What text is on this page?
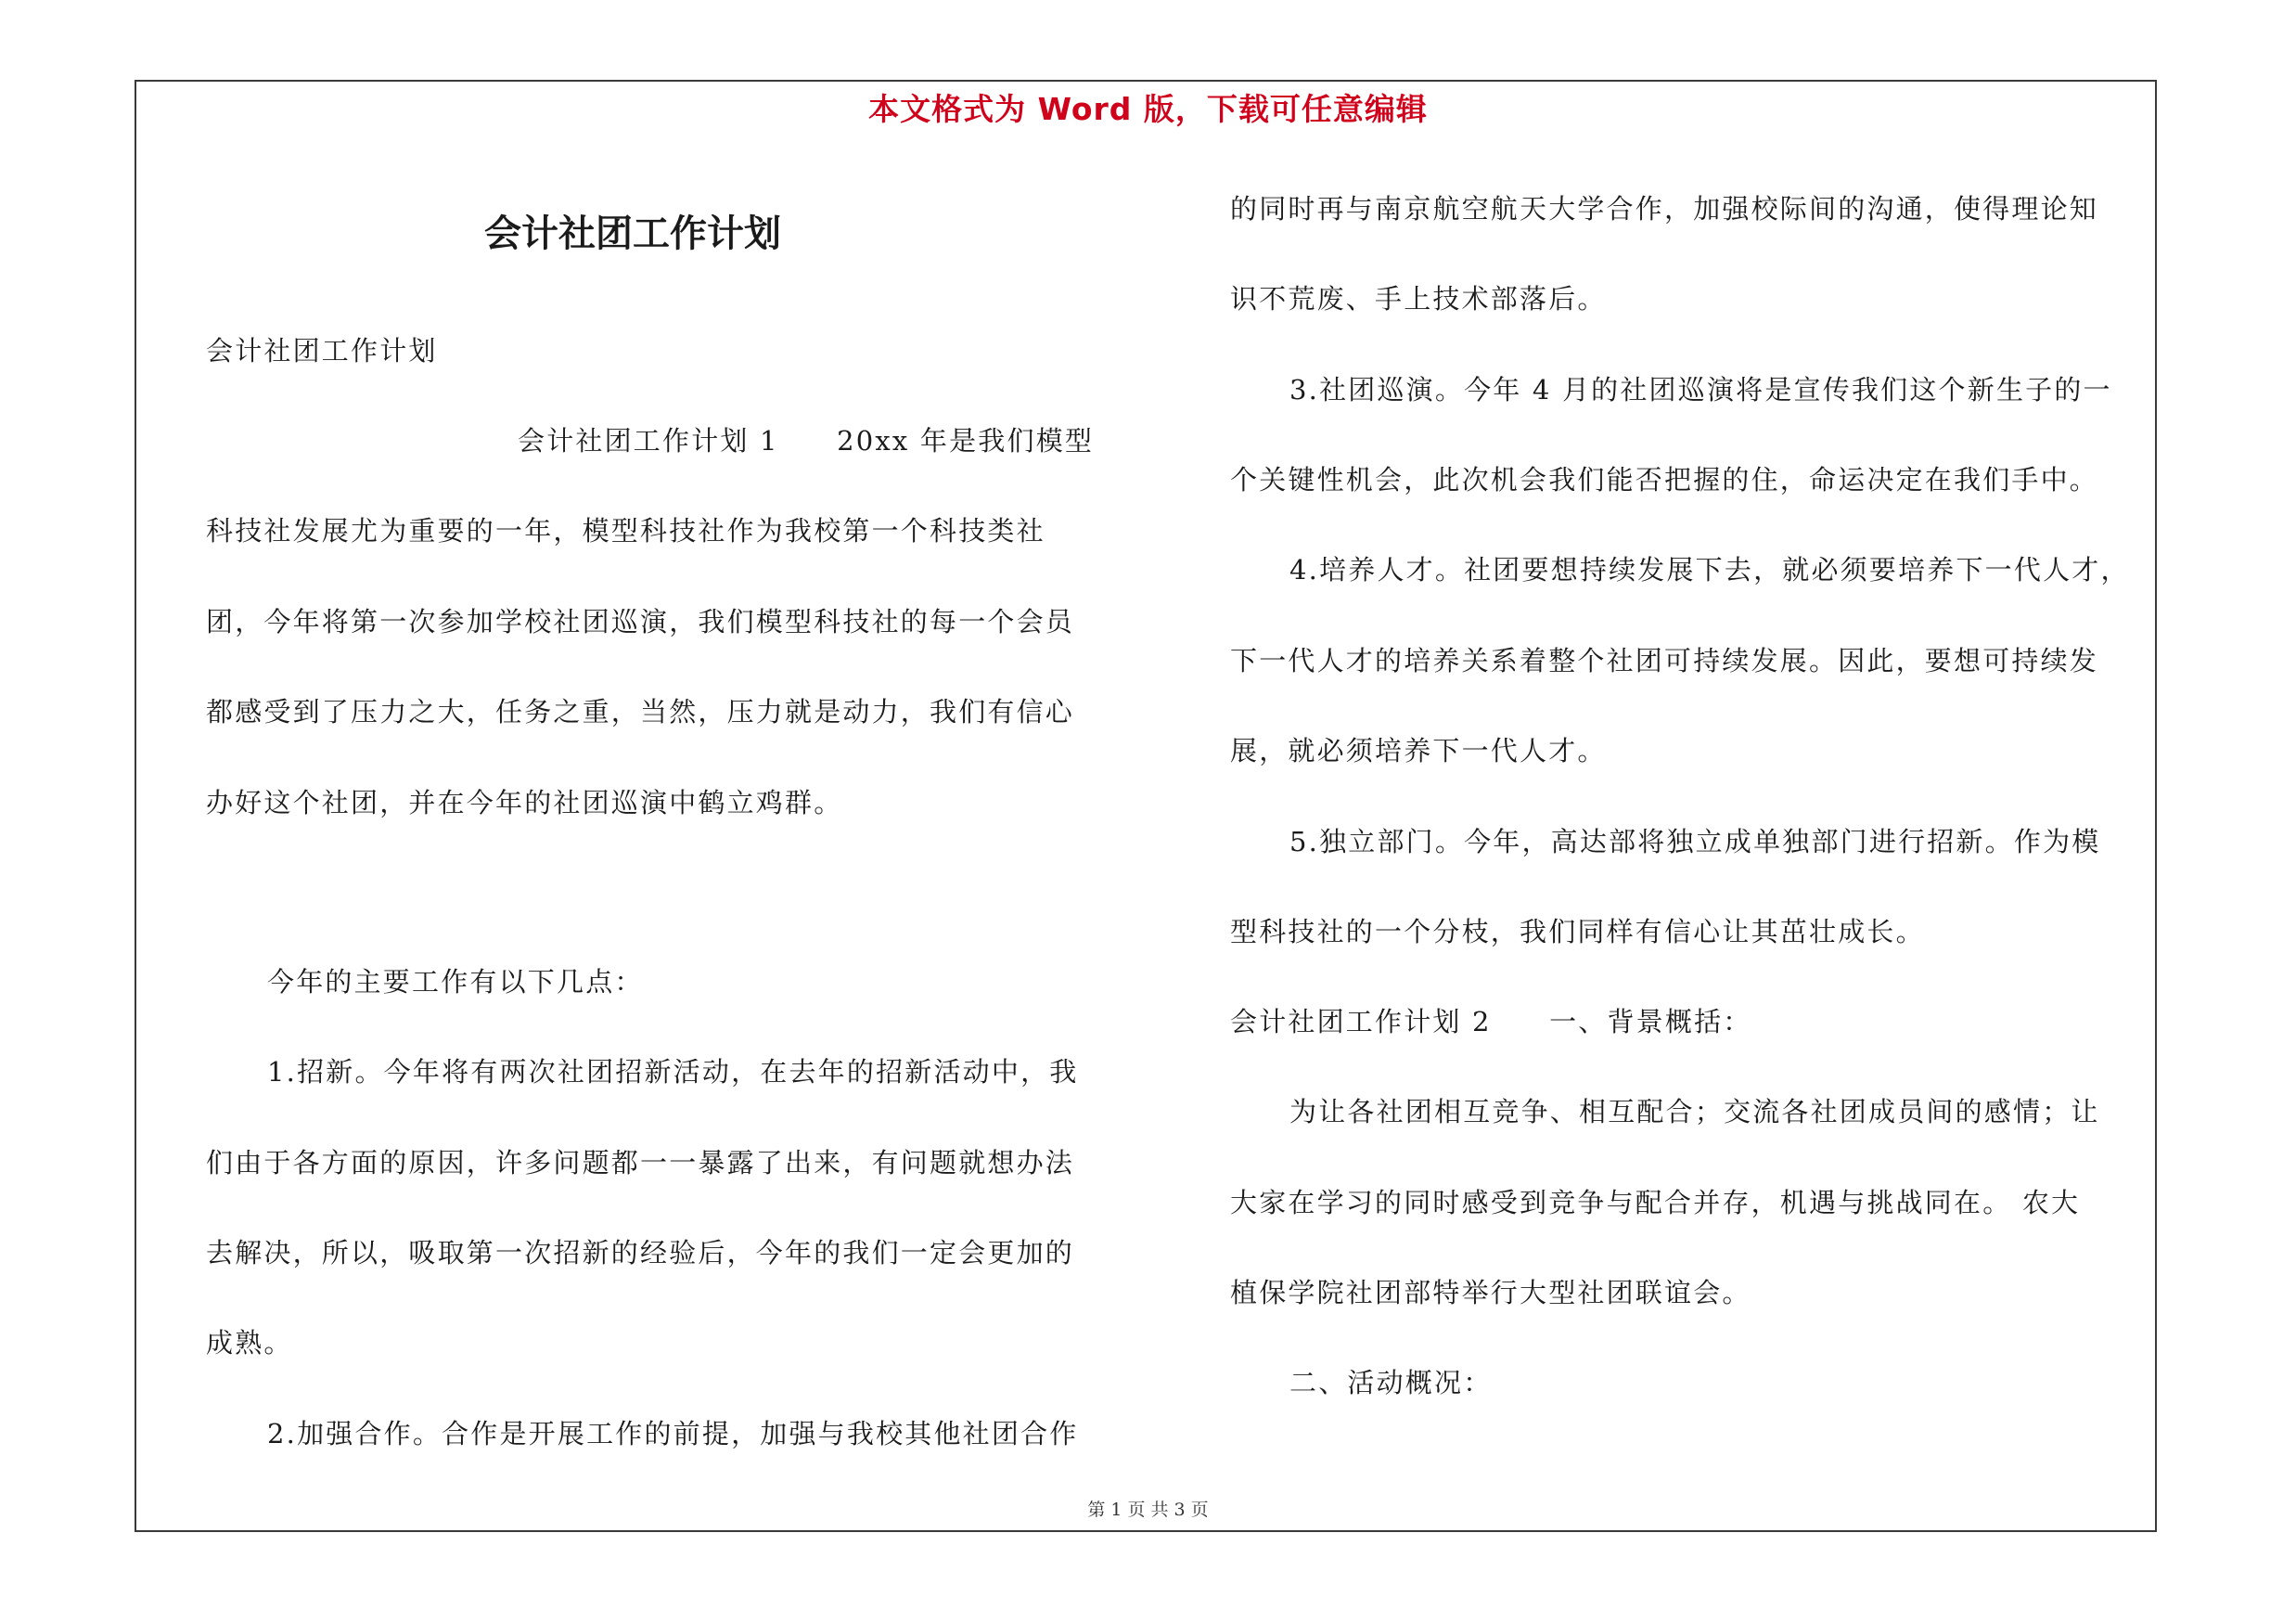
本文格式为 Word 版，下载可任意编辑
会计社团工作计划
会计社团工作计划
会计社团工作计划 1　　20xx 年是我们模型
科技社发展尤为重要的一年，模型科技社作为我校第一个科技类社
团，今年将第一次参加学校社团巡演，我们模型科技社的每一个会员
都感受到了压力之大，任务之重，当然，压力就是动力，我们有信心
办好这个社团，并在今年的社团巡演中鹤立鸡群。
今年的主要工作有以下几点：
1.招新。今年将有两次社团招新活动，在去年的招新活动中，我
们由于各方面的原因，许多问题都一一暴露了出来，有问题就想办法
去解决，所以，吸取第一次招新的经验后，今年的我们一定会更加的
成熟。
2.加强合作。合作是开展工作的前提，加强与我校其他社团合作
的同时再与南京航空航天大学合作，加强校际间的沟通，使得理论知
识不荒废、手上技术部落后。
3.社团巡演。今年 4 月的社团巡演将是宣传我们这个新生子的一
个关键性机会，此次机会我们能否把握的住，命运决定在我们手中。
4.培养人才。社团要想持续发展下去，就必须要培养下一代人才，
下一代人才的培养关系着整个社团可持续发展。因此，要想可持续发
展，就必须培养下一代人才。
5.独立部门。今年，高达部将独立成单独部门进行招新。作为模
型科技社的一个分枝，我们同样有信心让其茁壮成长。
会计社团工作计划 2　　一、背景概括：
为让各社团相互竞争、相互配合；交流各社团成员间的感情；让
大家在学习的同时感受到竞争与配合并存，机遇与挑战同在。 农大
植保学院社团部特举行大型社团联谊会。
二、活动概况：
第 1 页 共 3 页
